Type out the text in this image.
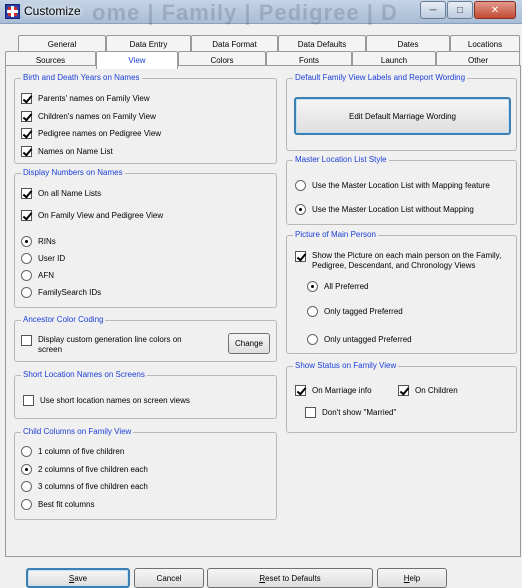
ome | Family | Pedigree | D
Customize	─	□	✕
General	Data Entry	Data Format	Data Defaults	Dates	Locations
Sources	View	Colors	Fonts	Launch	Other
Birth and Death Years on Names
Parents' names on Family View
Children's names on Family View
Pedigree names on Pedigree View
Names on Name List
Display Numbers on Names
On all Name Lists
On Family View and Pedigree View
RINs
User ID
AFN
FamilySearch IDs
Ancestor Color Coding
Display custom generation line colors on screen
Change
Short Location Names on Screens
Use short location names on screen views
Child Columns on Family View
1 column of five children
2 columns of five children each
3 columns of five children each
Best fit columns
Default Family View Labels and Report Wording
Edit Default Marriage Wording
Master Location List Style
Use the Master Location List with Mapping feature
Use the Master Location List without Mapping
Picture of Main Person
Show the Picture on each main person on the Family, Pedigree, Descendant, and Chronology Views
All Preferred
Only tagged Preferred
Only untagged Preferred
Show Status on Family View
On Marriage info	On Children
Don't show "Married"
S ave	Cancel	R eset to Defaults	H elp
